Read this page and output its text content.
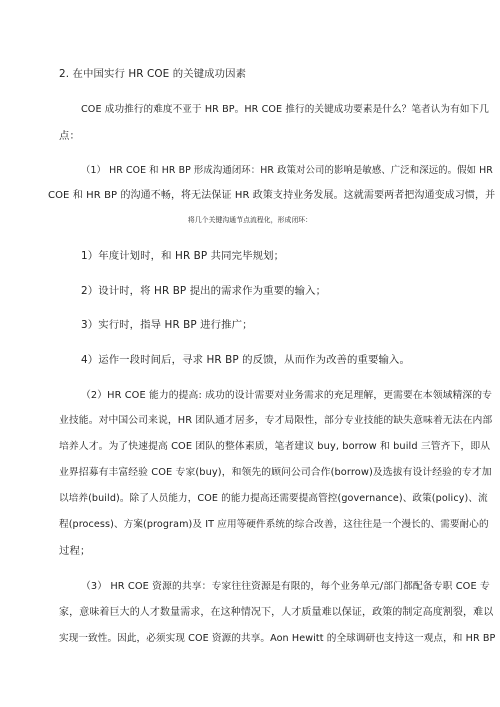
2. 在中国实行 HR COE 的关键成功因素
COE 成功推行的难度不亚于 HR BP。HR COE 推行的关键成功要素是什么？笔者认为有如下几
点：
（1） HR COE 和 HR BP 形成沟通闭环：HR 政策对公司的影响是敏感、广泛和深远的。假如 HR
COE 和 HR BP 的沟通不畅，将无法保证 HR 政策支持业务发展。这就需要两者把沟通变成习惯，并
将几个关键沟通节点流程化，形成闭环：
1）年度计划时，和 HR BP 共同完毕规划；
2）设计时，将 HR BP 提出的需求作为重要的输入；
3）实行时，指导 HR BP 进行推广；
4）运作一段时间后，寻求 HR BP 的反馈，从而作为改善的重要输入。
（2）HR COE 能力的提高: 成功的设计需要对业务需求的充足理解，更需要在本领域精深的专
业技能。对中国公司来说，HR 团队通才居多，专才局限性，部分专业技能的缺失意味着无法在内部
培养人才。为了快速提高 COE 团队的整体素质，笔者建议 buy, borrow 和 build 三管齐下，即从
业界招募有丰富经验 COE 专家(buy)，和领先的顾问公司合作(borrow)及选拔有设计经验的专才加
以培养(build)。除了人员能力，COE 的能力提高还需要提高管控(governance)、政策(policy)、流
程(process)、方案(program)及 IT 应用等硬件系统的综合改善，这往往是一个漫长的、需要耐心的
过程；
（3） HR COE 资源的共享：专家往往资源是有限的，每个业务单元/部门都配备专职 COE 专
家，意味着巨大的人才数量需求，在这种情况下，人才质量难以保证，政策的制定高度割裂，难以
实现一致性。因此，必须实现 COE 资源的共享。Aon Hewitt 的全球调研也支持这一观点，和 HR BP
